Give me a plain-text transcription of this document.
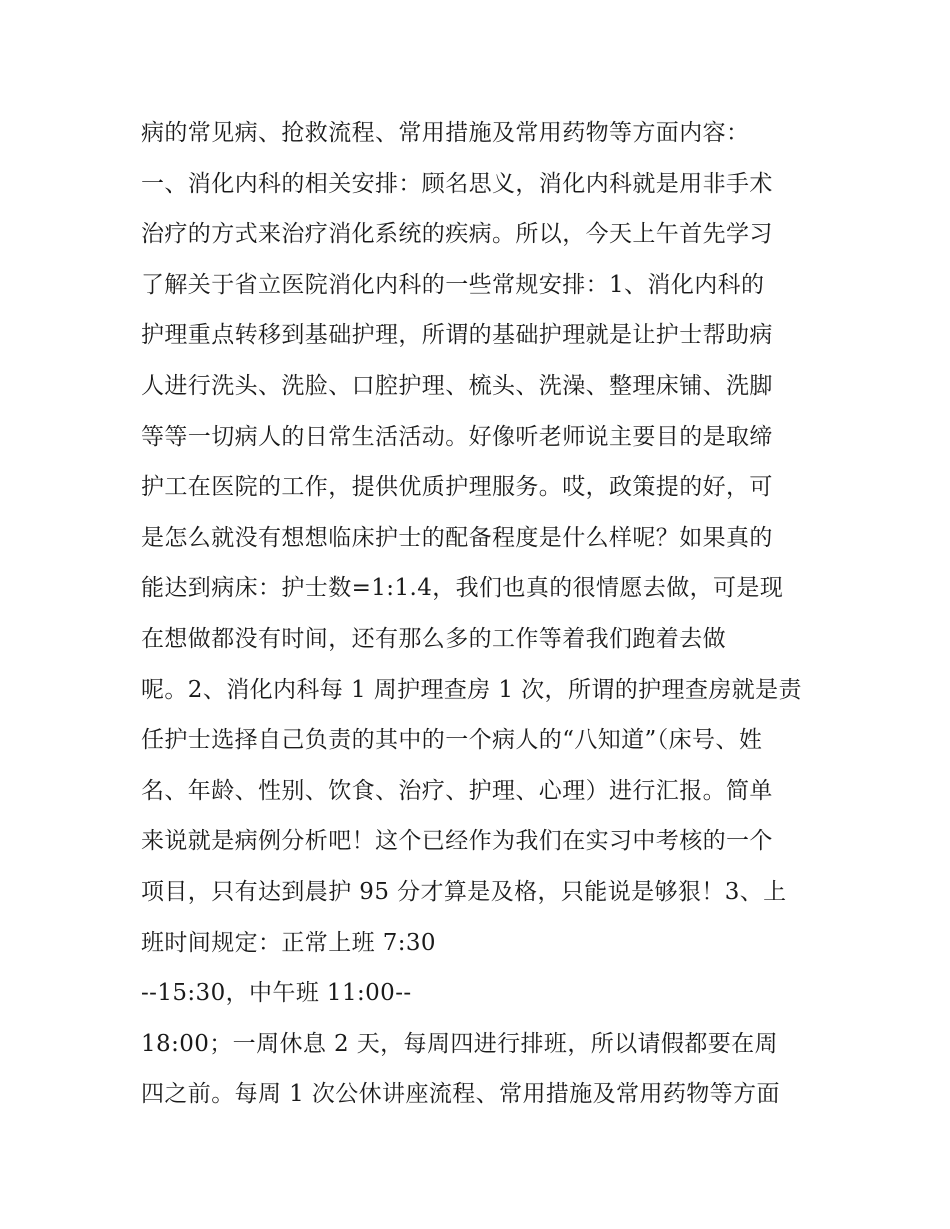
病的常见病、抢救流程、常用措施及常用药物等方面内容：
一、消化内科的相关安排：顾名思义，消化内科就是用非手术
治疗的方式来治疗消化系统的疾病。所以，今天上午首先学习
了解关于省立医院消化内科的一些常规安排：1、消化内科的
护理重点转移到基础护理，所谓的基础护理就是让护士帮助病
人进行洗头、洗脸、口腔护理、梳头、洗澡、整理床铺、洗脚
等等一切病人的日常生活活动。好像听老师说主要目的是取缔
护工在医院的工作，提供优质护理服务。哎，政策提的好，可
是怎么就没有想想临床护士的配备程度是什么样呢？如果真的
能达到病床：护士数=1:1.4，我们也真的很情愿去做，可是现
在想做都没有时间，还有那么多的工作等着我们跑着去做
呢。2、消化内科每 1 周护理查房 1 次，所谓的护理查房就是责
任护士选择自己负责的其中的一个病人的“八知道”（床号、姓
名、年龄、性别、饮食、治疗、护理、心理）进行汇报。简单
来说就是病例分析吧！这个已经作为我们在实习中考核的一个
项目，只有达到晨护 95 分才算是及格，只能说是够狠！3、上
班时间规定：正常上班 7:30
--15:30，中午班 11:00--
18:00；一周休息 2 天，每周四进行排班，所以请假都要在周
四之前。每周 1 次公休讲座流程、常用措施及常用药物等方面
